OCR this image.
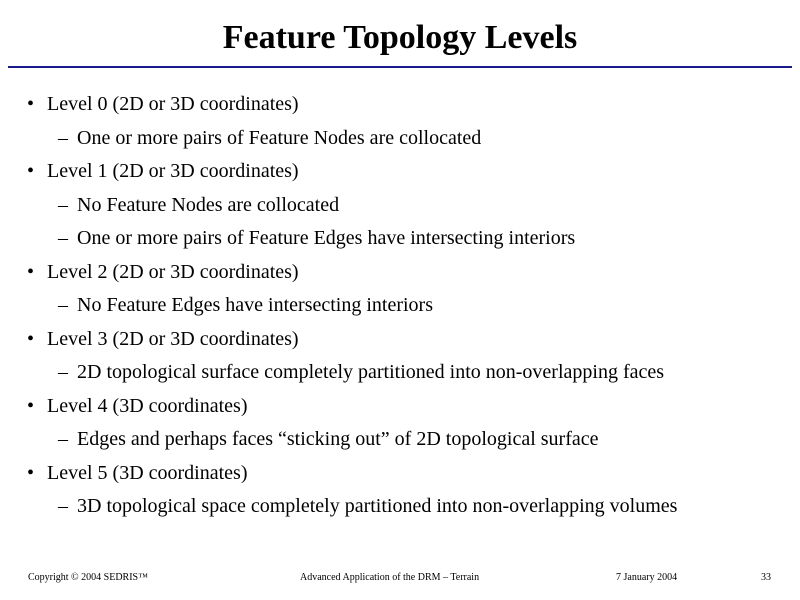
Feature Topology Levels
• Level 0 (2D or 3D coordinates)
– One or more pairs of Feature Nodes are collocated
• Level 1 (2D or 3D coordinates)
– No Feature Nodes are collocated
– One or more pairs of Feature Edges have intersecting interiors
• Level 2 (2D or 3D coordinates)
– No Feature Edges have intersecting interiors
• Level 3 (2D or 3D coordinates)
– 2D topological surface completely partitioned into non-overlapping faces
• Level 4 (3D coordinates)
– Edges and perhaps faces “sticking out” of 2D topological surface
• Level 5 (3D coordinates)
– 3D topological space completely partitioned into non-overlapping volumes
Copyright © 2004 SEDRIS™	Advanced Application of the DRM – Terrain	7 January 2004	33
